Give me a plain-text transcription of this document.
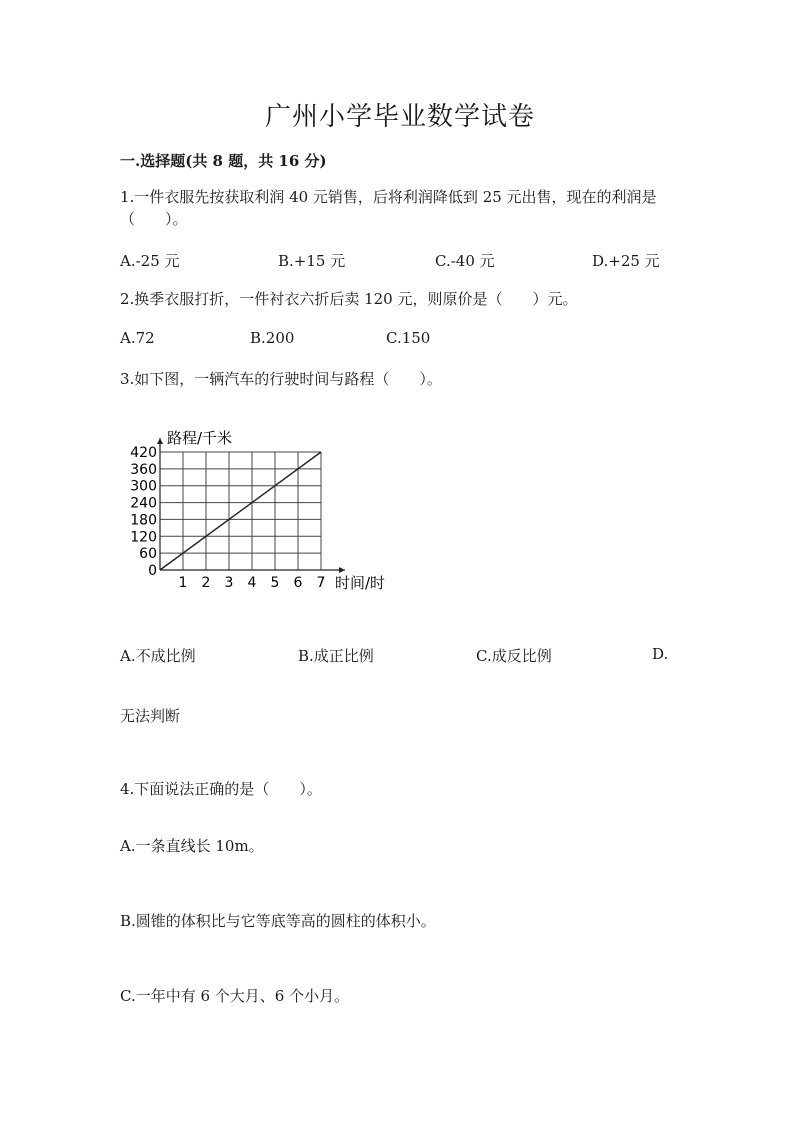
广州小学毕业数学试卷
一.选择题(共 8 题，共 16 分)
1.一件衣服先按获取利润 40 元销售，后将利润降低到 25 元出售，现在的利润是（　　）。
A.-25 元	B.+15 元	C.-40 元	D.+25 元
2.换季衣服打折，一件衬衣六折后卖 120 元，则原价是（　　）元。
A.72	B.200	C.150
3.如下图，一辆汽车的行驶时间与路程（　　）。
路程/千米
时间/时
1 2 3 4 5 6 7
0
60
120
180
240
300
360
420
A.不成比例	B.成正比例	C.成反比例	D.
无法判断
4.下面说法正确的是（　　）。
A.一条直线长 10m。
B.圆锥的体积比与它等底等高的圆柱的体积小。
C.一年中有 6 个大月、6 个小月。
